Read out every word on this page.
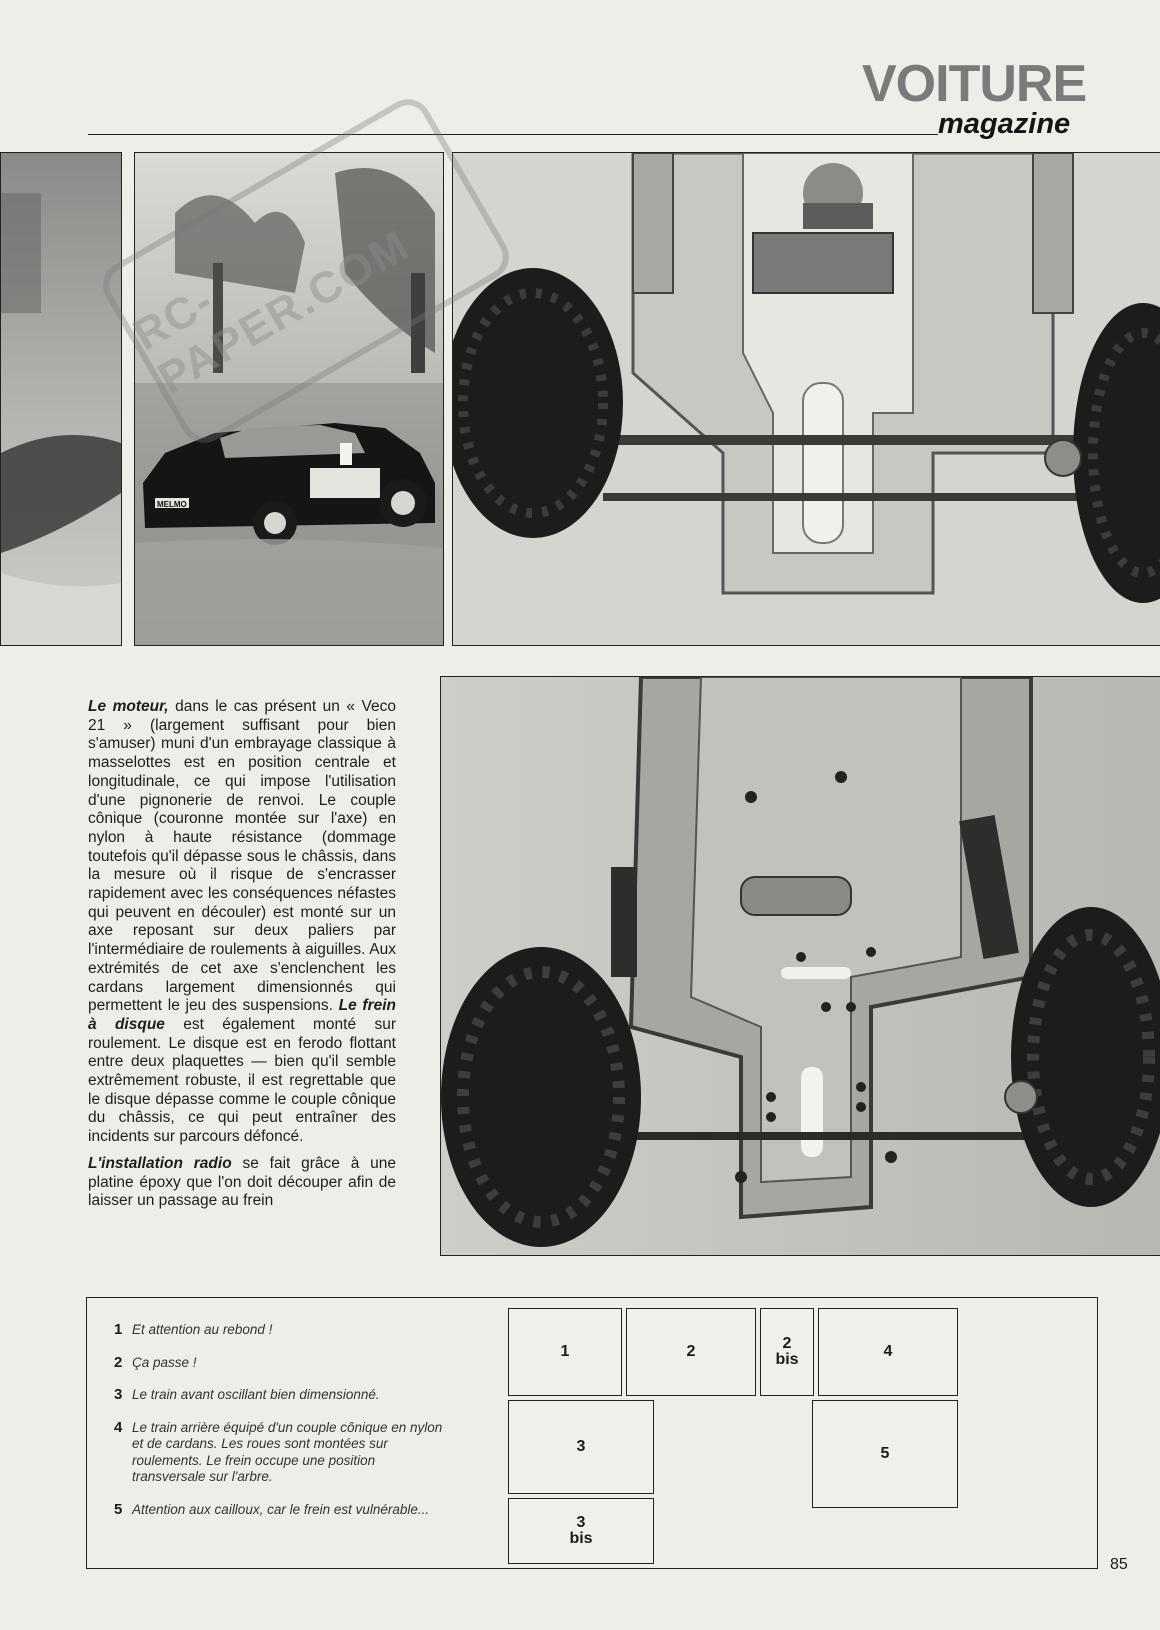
VOITURE
magazine
MELMO
RC-PAPER.COM

Le moteur, dans le cas présent un « Veco 21 » (largement suffisant pour bien s'amuser) muni d'un embrayage classique à masselottes est en position centrale et longitudinale, ce qui impose l'utilisation d'une pignonerie de renvoi. Le couple cônique (couronne montée sur l'axe) en nylon à haute résistance (dommage toutefois qu'il dépasse sous le châssis, dans la mesure où il risque de s'encrasser rapidement avec les conséquences néfastes qui peuvent en découler) est monté sur un axe reposant sur deux paliers par l'intermédiaire de roulements à aiguilles. Aux extrémités de cet axe s'enclenchent les cardans largement dimensionnés qui permettent le jeu des suspensions. Le frein à disque est également monté sur roulement. Le disque est en ferodo flottant entre deux plaquettes — bien qu'il semble extrêmement robuste, il est regrettable que le disque dépasse comme le couple cônique du châssis, ce qui peut entraîner des incidents sur parcours défoncé.

L'installation radio se fait grâce à une platine époxy que l'on doit découper afin de laisser un passage au frein

1 Et attention au rebond !
2 Ça passe !
3 Le train avant oscillant bien dimensionné.
4 Le train arrière équipé d'un couple cônique en nylon et de cardans. Les roues sont montées sur roulements. Le frein occupe une position transversale sur l'arbre.
5 Attention aux cailloux, car le frein est vulnérable...
1	2	2
bis	4
3	5
3
bis
85
